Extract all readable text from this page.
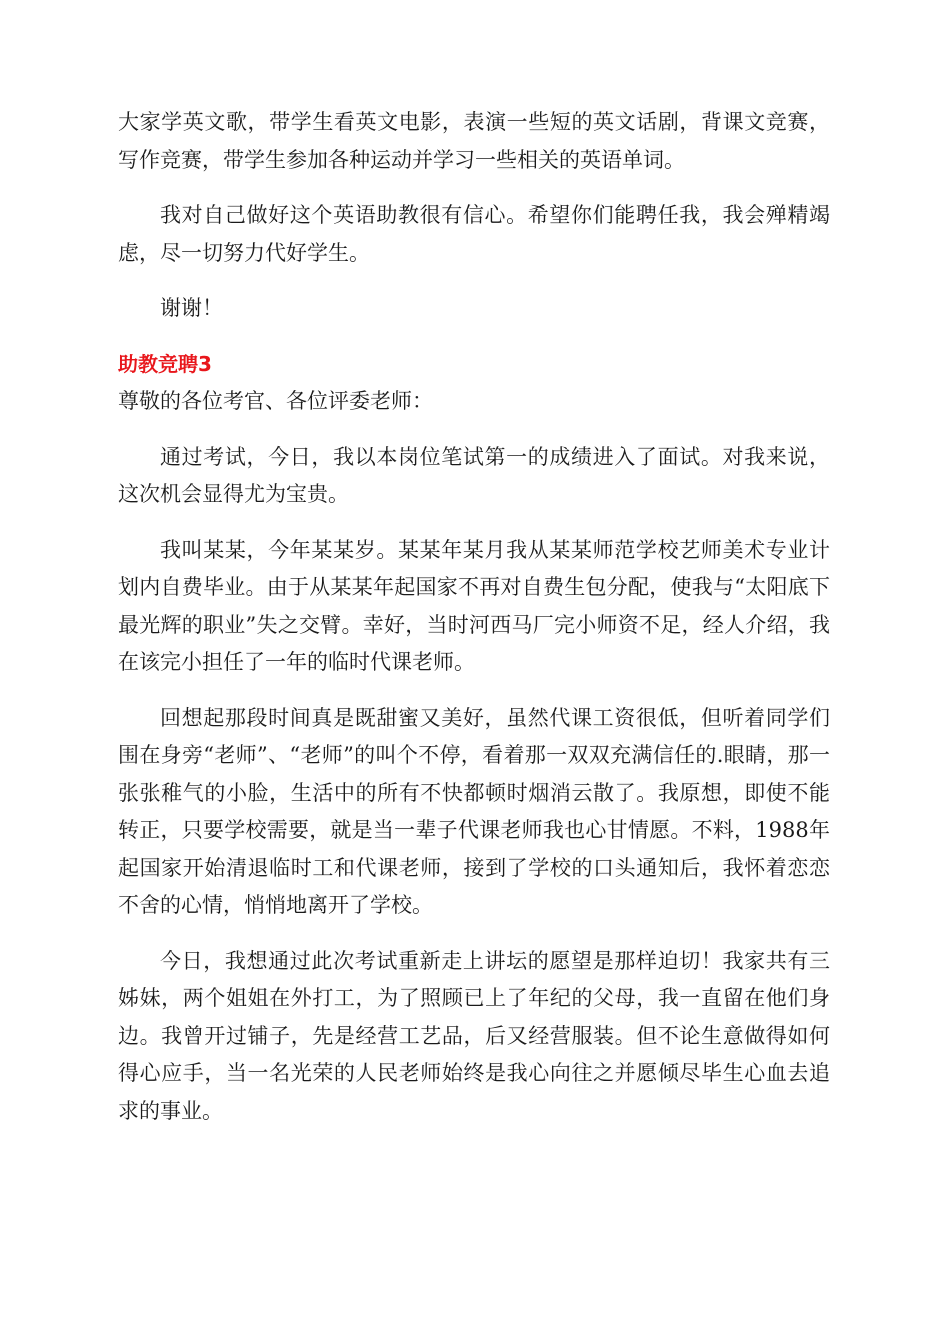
大家学英文歌，带学生看英文电影，表演一些短的英文话剧，背课文竞赛，写作竞赛，带学生参加各种运动并学习一些相关的英语单词。

我对自己做好这个英语助教很有信心。希望你们能聘任我，我会殚精竭虑，尽一切努力代好学生。

谢谢！

助教竞聘3

尊敬的各位考官、各位评委老师：

通过考试，今日，我以本岗位笔试第一的成绩进入了面试。对我来说，这次机会显得尤为宝贵。

我叫某某，今年某某岁。某某年某月我从某某师范学校艺师美术专业计划内自费毕业。由于从某某年起国家不再对自费生包分配，使我与“太阳底下最光辉的职业”失之交臂。幸好，当时河西马厂完小师资不足，经人介绍，我在该完小担任了一年的临时代课老师。

回想起那段时间真是既甜蜜又美好，虽然代课工资很低，但听着同学们围在身旁“老师”、“老师”的叫个不停，看着那一双双充满信任的.眼睛，那一张张稚气的小脸，生活中的所有不快都顿时烟消云散了。我原想，即使不能转正，只要学校需要，就是当一辈子代课老师我也心甘情愿。不料，1988年起国家开始清退临时工和代课老师，接到了学校的口头通知后，我怀着恋恋不舍的心情，悄悄地离开了学校。

今日，我想通过此次考试重新走上讲坛的愿望是那样迫切！我家共有三姊妹，两个姐姐在外打工，为了照顾已上了年纪的父母，我一直留在他们身边。我曾开过铺子，先是经营工艺品，后又经营服装。但不论生意做得如何得心应手，当一名光荣的人民老师始终是我心向往之并愿倾尽毕生心血去追求的事业。
